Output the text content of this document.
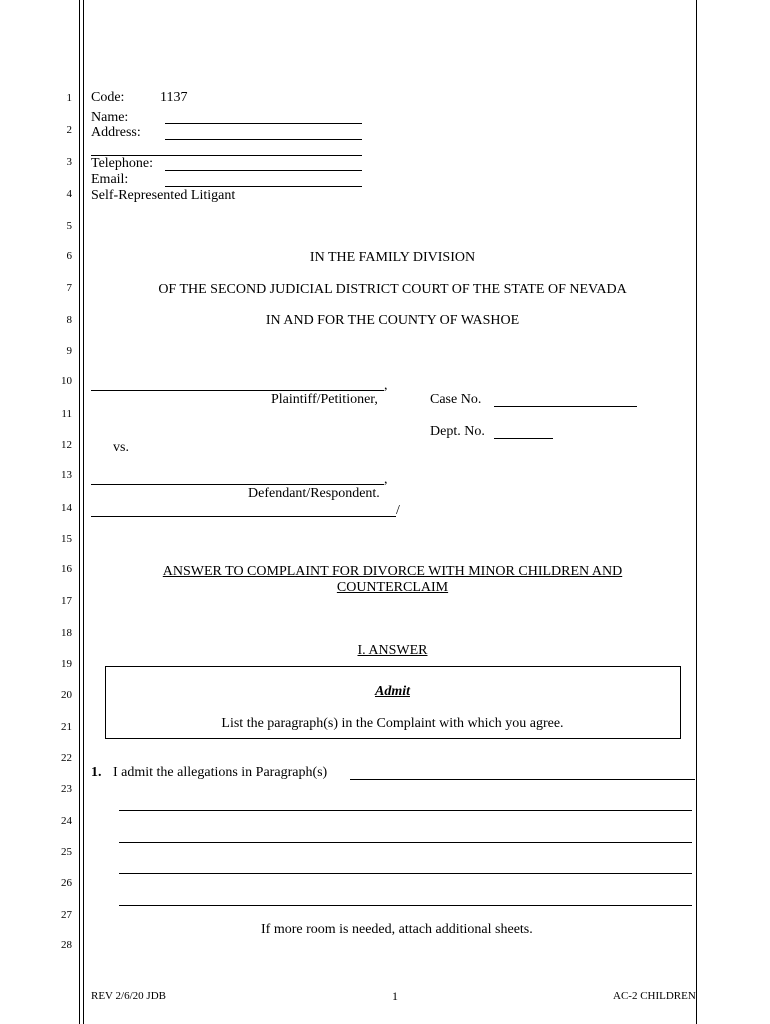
1
2
3
4
5
6
7
8
9
10
11
12
13
14
15
16
17
18
19
20
21
22
23
24
25
26
27
28
Code:	1137
Name:
Address:
Telephone:
Email:
Self-Represented Litigant
IN THE FAMILY DIVISION
OF THE SECOND JUDICIAL DISTRICT COURT OF THE STATE OF NEVADA
IN AND FOR THE COUNTY OF WASHOE
,
Plaintiff/Petitioner,	Case No.
Dept. No.
vs.
,
Defendant/Respondent.
/
ANSWER TO COMPLAINT FOR DIVORCE WITH MINOR CHILDREN AND
COUNTERCLAIM
I. ANSWER
Admit
List the paragraph(s) in the Complaint with which you agree.
1. I admit the allegations in Paragraph(s)
If more room is needed, attach additional sheets.
REV 2/6/20 JDB	1	AC-2 CHILDREN
